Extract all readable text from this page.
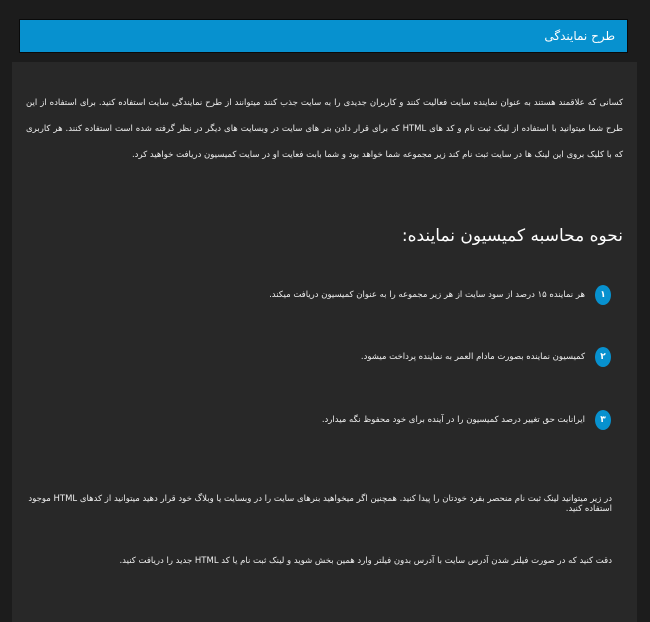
طرح نمایندگی

کسانی که علاقمند هستند به عنوان نماینده سایت فعالیت کنند و کاربران جدیدی را به سایت جذب کنند میتوانند از طرح نمایندگی سایت استفاده کنید. برای استفاده از این طرح شما میتوانید با استفاده از لینک ثبت نام و کد های HTML که برای قرار دادن بنر های سایت در وبسایت های دیگر در نظر گرفته شده است استفاده کنند. هر کاربری که با کلیک بروی این لینک ها در سایت ثبت نام کند زیر مجموعه شما خواهد بود و شما بابت فعایت او در سایت کمیسیون دریافت خواهید کرد.

نحوه محاسبه کمیسیون نماینده:
۱
هر نماینده ۱۵ درصد از سود سایت از هر زیر مجموعه را به عنوان کمیسیون دریافت میکند.
۲
کمیسیون نماینده بصورت مادام العمر به نماینده پرداخت میشود.
۳
ایرانابت حق تغییر درصد کمیسیون را در آینده برای خود محفوظ نگه میدارد.

در زیر میتوانید لینک ثبت نام منحصر بفرد خودتان را پیدا کنید. همچنین اگر میخواهید بنرهای سایت را در وبسایت یا وبلاگ خود قرار دهید میتوانید از کدهای HTML موجود استفاده کنید.

دقت کنید که در صورت فیلتر شدن آدرس سایت با آدرس بدون فیلتر وارد همین بخش شوید و لینک ثبت نام یا کد HTML جدید را دریافت کنید.
